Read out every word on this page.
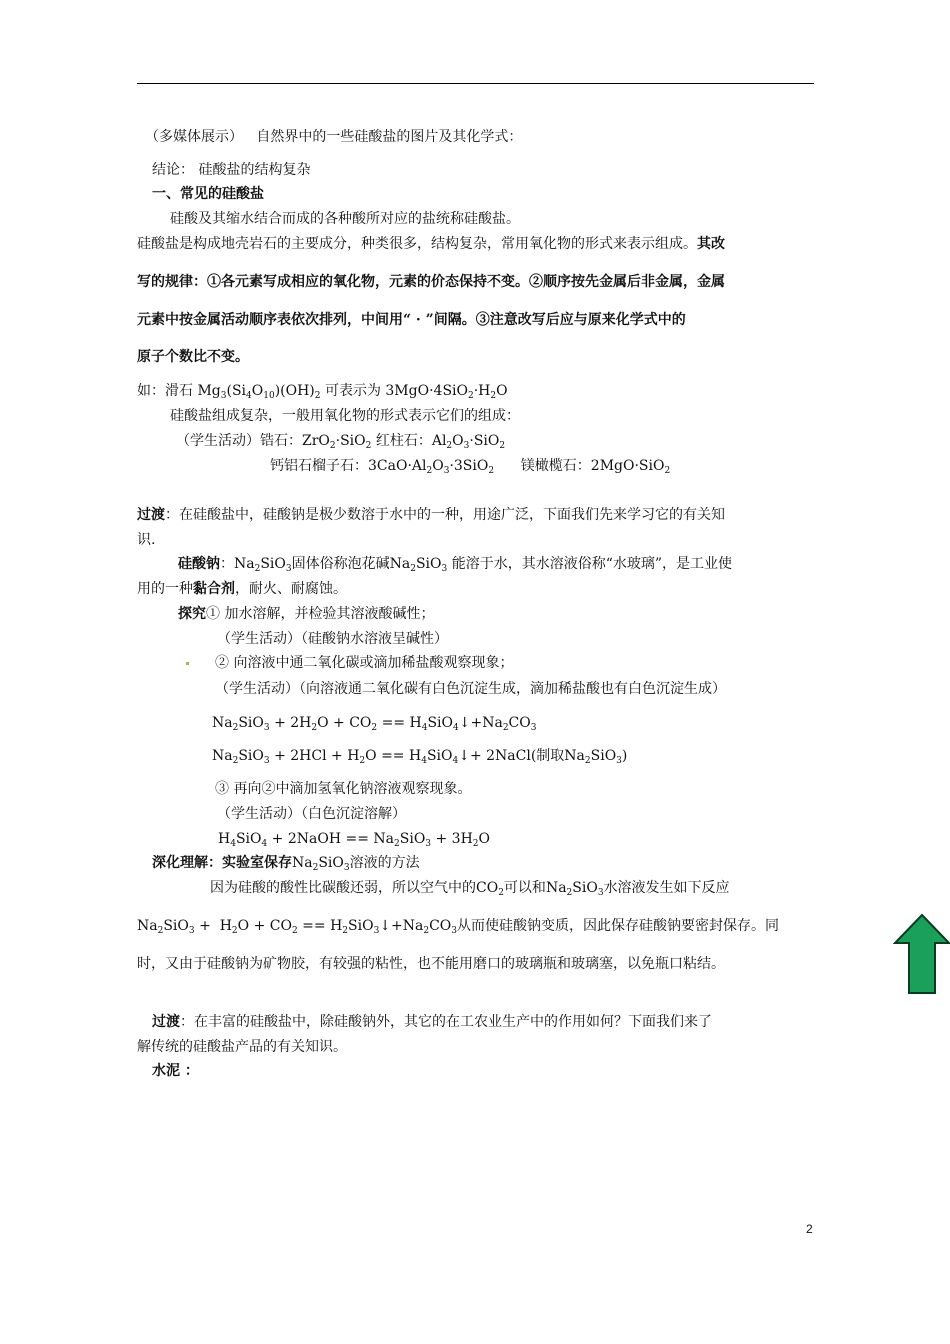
（多媒体展示） 自然界中的一些硅酸盐的图片及其化学式：
结论： 硅酸盐的结构复杂
一、常见的硅酸盐
硅酸及其缩水结合而成的各种酸所对应的盐统称硅酸盐。
硅酸盐是构成地壳岩石的主要成分，种类很多，结构复杂，常用氧化物的形式来表示组成。其改
写的规律：①各元素写成相应的氧化物，元素的价态保持不变。②顺序按先金属后非金属，金属
元素中按金属活动顺序表依次排列，中间用“ · ”间隔。③注意改写后应与原来化学式中的
原子个数比不变。
如：滑石 $Mg_3(Si_4O_{10})(OH)_2$ 可表示为 $3MgO\cdot 4SiO_2\cdot H_2O$
硅酸盐组成复杂，一般用氧化物的形式表示它们的组成：
（学生活动）锆石：ZrO$_2$·SiO$_2$ 红柱石：$Al_2O_3\cdot SiO_2$
钙铝石榴子石：$3CaO\cdot Al_2O_3\cdot 3SiO_2$ 镁橄榄石：2MgO·SiO$_2$
过渡：在硅酸盐中，硅酸钠是极少数溶于水中的一种，用途广泛，下面我们先来学习它的有关知
识.
硅酸钠：$Na_2SiO_3$固体俗称泡花碱$Na_2SiO_3$ 能溶于水，其水溶液俗称“水玻璃”，是工业使
用的一种黏合剂，耐火、耐腐蚀。
探究① 加水溶解，并检验其溶液酸碱性；
（学生活动）（硅酸钠水溶液呈碱性）
② 向溶液中通二氧化碳或滴加稀盐酸观察现象；
（学生活动）（向溶液通二氧化碳有白色沉淀生成，滴加稀盐酸也有白色沉淀生成）
$Na_2SiO_3 + 2H_2O + CO_2$ == $H_4SiO_4↓+Na_2CO_3$
$Na_2SiO_3 + 2HCl + H_2O$ == $H_4SiO_4↓+$ 2NaCl(制取$Na_2SiO_3$)
③ 再向②中滴加氢氧化钠溶液观察现象。
（学生活动）（白色沉淀溶解）
$H_4SiO_4$ + 2NaOH == $Na_2SiO_3 + 3H_2O$
深化理解：实验室保存$Na_2SiO_3$溶液的方法
因为硅酸的酸性比碳酸还弱，所以空气中的$CO_2$可以和$Na_2SiO_3$水溶液发生如下反应
$Na_2SiO_3 + H_2O + CO_2$ == $H_2SiO_3↓+Na_2CO_3$从而使硅酸钠变质，因此保存硅酸钠要密封保存。同
时，又由于硅酸钠为矿物胶，有较强的粘性，也不能用磨口的玻璃瓶和玻璃塞，以免瓶口粘结。
过渡：在丰富的硅酸盐中，除硅酸钠外，其它的在工农业生产中的作用如何？下面我们来了
解传统的硅酸盐产品的有关知识。
水泥 ：
2
